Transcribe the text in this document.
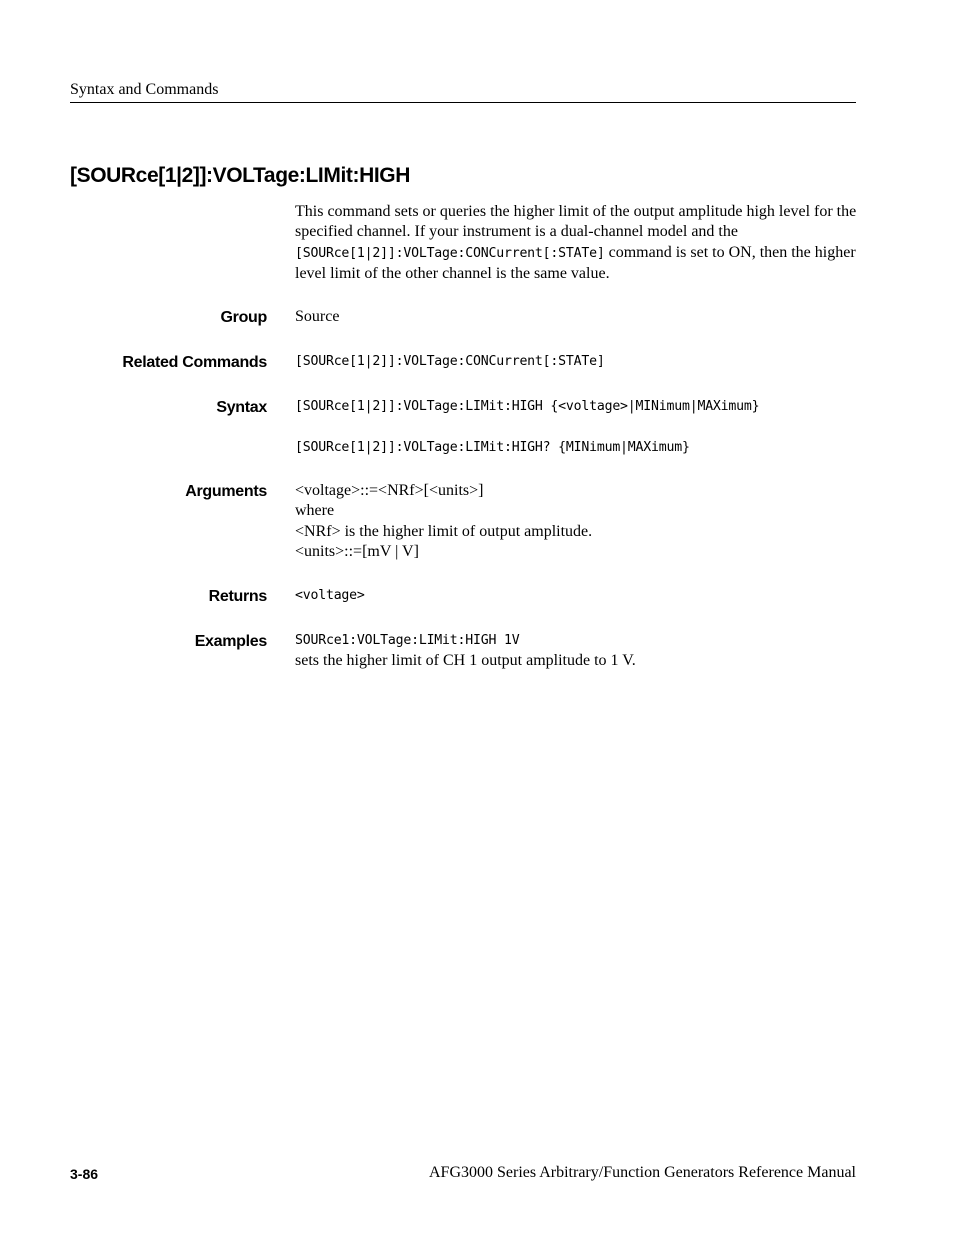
Syntax and Commands
[SOURce[1|2]]:VOLTage:LIMit:HIGH

This command sets or queries the higher limit of the output amplitude high level for the specified channel. If your instrument is a dual-channel model and the [SOURce[1|2]]:VOLTage:CONCurrent[:STATe] command is set to ON, then the higher level limit of the other channel is the same value.

Group Source
Related Commands [SOURce[1|2]]:VOLTage:CONCurrent[:STATe]
Syntax [SOURce[1|2]]:VOLTage:LIMit:HIGH {<voltage>|MINimum|MAXimum}
[SOURce[1|2]]:VOLTage:LIMit:HIGH? {MINimum|MAXimum}
Arguments <voltage>::=<NRf>[<units>]
where
<NRf> is the higher limit of output amplitude.
<units>::=[mV | V]
Returns <voltage>
Examples SOURce1:VOLTage:LIMit:HIGH 1V
sets the higher limit of CH 1 output amplitude to 1 V.
3-86	AFG3000 Series Arbitrary/Function Generators Reference Manual
